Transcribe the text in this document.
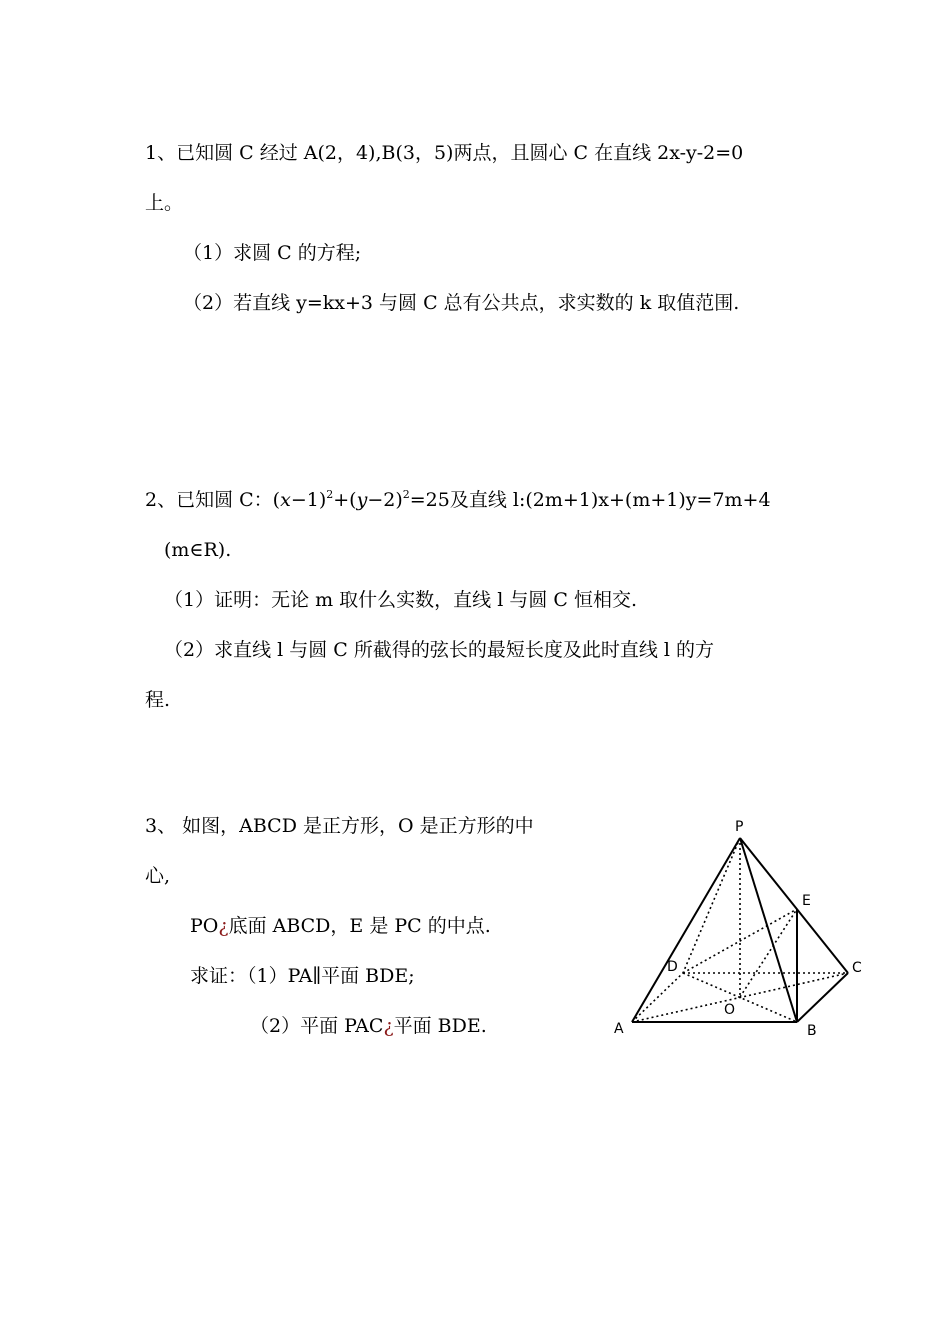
1、已知圆 C 经过 A(2，4),B(3，5)两点，且圆心 C 在直线 2x-y-2=0
上。
（1）求圆 C 的方程;
（2）若直线 y=kx+3 与圆 C 总有公共点，求实数的 k 取值范围.
2、已知圆 C：$(x-1)^2+(y-2)^2=25$及直线 l:(2m+1)x+(m+1)y=7m+4
(m∈R).
（1）证明：无论 m 取什么实数，直线 l 与圆 C 恒相交.
（2）求直线 l 与圆 C 所截得的弦长的最短长度及此时直线 l 的方
程.
3、 如图，ABCD 是正方形，O 是正方形的中
心,
PO¿底面 ABCD，E 是 PC 的中点.
求证：（1）PA∥平面 BDE;
（2）平面 PAC¿平面 BDE.
P
E
D	C
O
A	B
